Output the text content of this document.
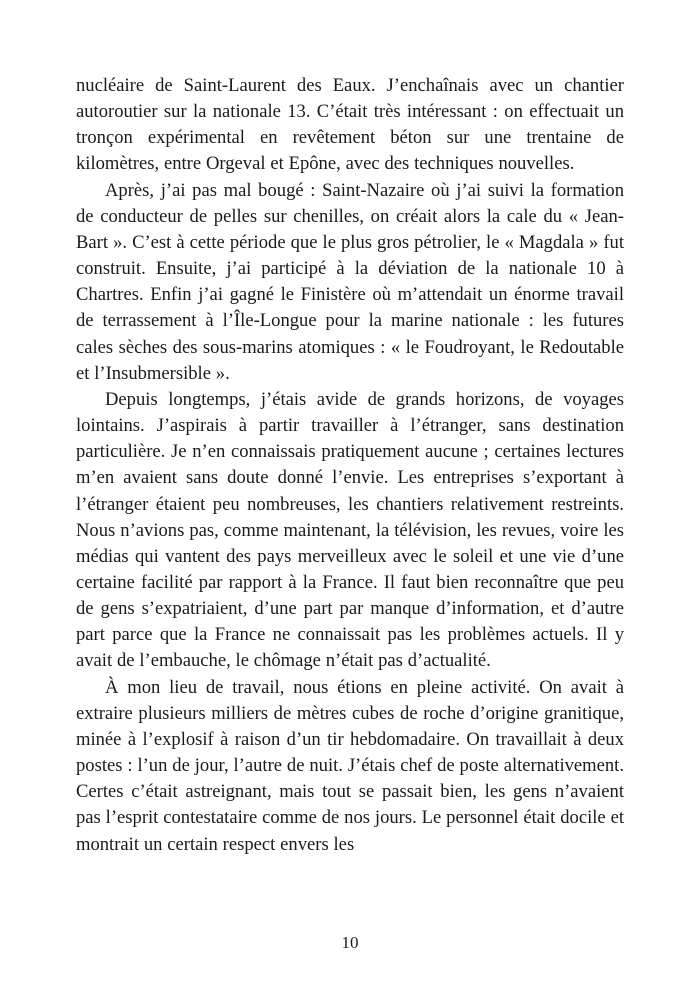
nucléaire de Saint-Laurent des Eaux. J’enchaînais avec un chantier autoroutier sur la nationale 13. C’était très intéressant : on effectuait un tronçon expérimental en revêtement béton sur une trentaine de kilomètres, entre Orgeval et Epône, avec des techniques nouvelles.

Après, j’ai pas mal bougé : Saint-Nazaire où j’ai suivi la formation de conducteur de pelles sur chenilles, on créait alors la cale du « Jean-Bart ». C’est à cette période que le plus gros pétrolier, le « Magdala » fut construit. Ensuite, j’ai participé à la déviation de la nationale 10 à Chartres. Enfin j’ai gagné le Finistère où m’attendait un énorme travail de terrassement à l’Île-Longue pour la marine nationale : les futures cales sèches des sous-marins atomiques : « le Foudroyant, le Redoutable et l’Insubmersible ».

Depuis longtemps, j’étais avide de grands horizons, de voyages lointains. J’aspirais à partir travailler à l’étranger, sans destination particulière. Je n’en connaissais pratiquement aucune ; certaines lectures m’en avaient sans doute donné l’envie. Les entreprises s’exportant à l’étranger étaient peu nombreuses, les chantiers relativement restreints. Nous n’avions pas, comme maintenant, la télévision, les revues, voire les médias qui vantent des pays merveilleux avec le soleil et une vie d’une certaine facilité par rapport à la France. Il faut bien reconnaître que peu de gens s’expatriaient, d’une part par manque d’information, et d’autre part parce que la France ne connaissait pas les problèmes actuels. Il y avait de l’embauche, le chômage n’était pas d’actualité.

À mon lieu de travail, nous étions en pleine activité. On avait à extraire plusieurs milliers de mètres cubes de roche d’origine granitique, minée à l’explosif à raison d’un tir hebdomadaire. On travaillait à deux postes : l’un de jour, l’autre de nuit. J’étais chef de poste alternativement. Certes c’était astreignant, mais tout se passait bien, les gens n’avaient pas l’esprit contestataire comme de nos jours. Le personnel était docile et montrait un certain respect envers les

10
